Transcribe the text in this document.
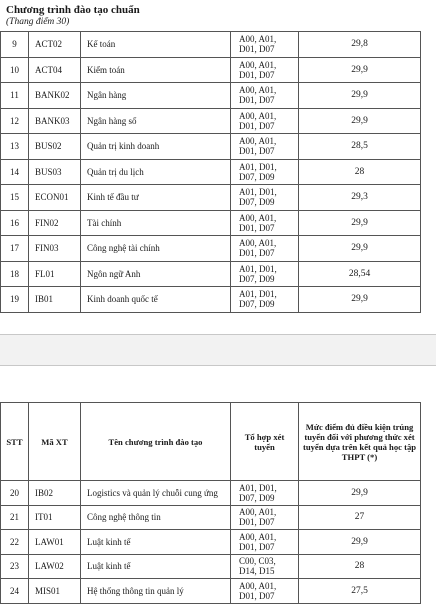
Chương trình đào tạo chuẩn
(Thang điểm 30)
9	ACT02	Kế toán	A00, A01, D01, D07	29,8
10	ACT04	Kiểm toán	A00, A01, D01, D07	29,9
11	BANK02	Ngân hàng	A00, A01, D01, D07	29,9
12	BANK03	Ngân hàng số	A00, A01, D01, D07	29,9
13	BUS02	Quản trị kinh doanh	A00, A01, D01, D07	28,5
14	BUS03	Quản trị du lịch	A01, D01, D07, D09	28
15	ECON01	Kinh tế đầu tư	A01, D01, D07, D09	29,3
16	FIN02	Tài chính	A00, A01, D01, D07	29,9
17	FIN03	Công nghệ tài chính	A00, A01, D01, D07	29,9
18	FL01	Ngôn ngữ Anh	A01, D01, D07, D09	28,54
19	IB01	Kinh doanh quốc tế	A01, D01, D07, D09	29,9
STT	Mã XT	Tên chương trình đào tạo	Tổ hợp xét tuyển	Mức điểm đủ điều kiện trúng tuyển đối với phương thức xét tuyển dựa trên kết quả học tập THPT (*)
20	IB02	Logistics và quản lý chuỗi cung ứng	A01, D01, D07, D09	29,9
21	IT01	Công nghệ thông tin	A00, A01, D01, D07	27
22	LAW01	Luật kinh tế	A00, A01, D01, D07	29,9
23	LAW02	Luật kinh tế	C00, C03, D14, D15	28
24	MIS01	Hệ thống thông tin quản lý	A00, A01, D01, D07	27,5
